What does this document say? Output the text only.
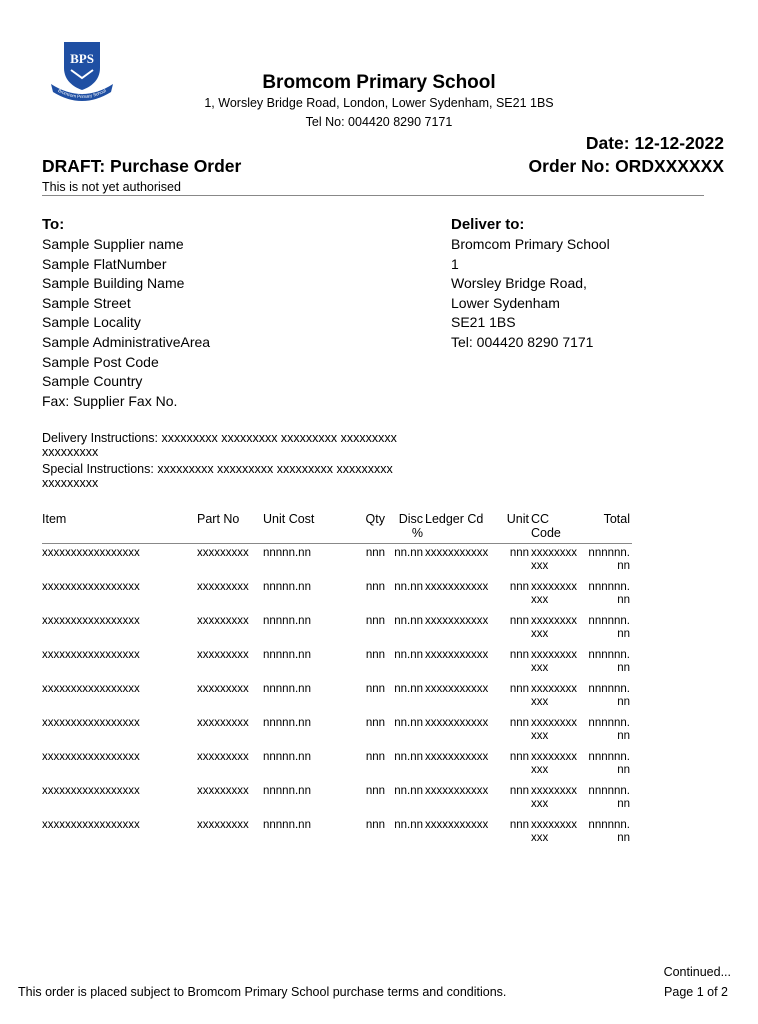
BPS
Bromcom Primary School	Bromcom Primary School
1, Worsley Bridge Road, London, Lower Sydenham, SE21 1BS
Tel No: 004420 8290 7171
Date: 12-12-2022
Order No: ORDXXXXXX
DRAFT: Purchase Order
This is not yet authorised
To:
Sample Supplier name
Sample FlatNumber
Sample Building Name
Sample Street
Sample Locality
Sample AdministrativeArea
Sample Post Code
Sample Country
Fax: Supplier Fax No.
Deliver to:
Bromcom Primary School
1
Worsley Bridge Road,
Lower Sydenham
SE21 1BS
Tel: 004420 8290 7171
Delivery Instructions: xxxxxxxxx xxxxxxxxx xxxxxxxxx xxxxxxxxx xxxxxxxxx
Special Instructions: xxxxxxxxx xxxxxxxxx xxxxxxxxx xxxxxxxxx xxxxxxxxx
Item	Part No	Unit Cost	Qty	Disc %	Ledger Cd	Unit	CC Code	Total
xxxxxxxxxxxxxxxxx	xxxxxxxxx	nnnnn.nn	nnn	nn.nn	xxxxxxxxxxx	nnn	xxxxxxxxxxx	nnnnnn.nn
xxxxxxxxxxxxxxxxx	xxxxxxxxx	nnnnn.nn	nnn	nn.nn	xxxxxxxxxxx	nnn	xxxxxxxxxxx	nnnnnn.nn
xxxxxxxxxxxxxxxxx	xxxxxxxxx	nnnnn.nn	nnn	nn.nn	xxxxxxxxxxx	nnn	xxxxxxxxxxx	nnnnnn.nn
xxxxxxxxxxxxxxxxx	xxxxxxxxx	nnnnn.nn	nnn	nn.nn	xxxxxxxxxxx	nnn	xxxxxxxxxxx	nnnnnn.nn
xxxxxxxxxxxxxxxxx	xxxxxxxxx	nnnnn.nn	nnn	nn.nn	xxxxxxxxxxx	nnn	xxxxxxxxxxx	nnnnnn.nn
xxxxxxxxxxxxxxxxx	xxxxxxxxx	nnnnn.nn	nnn	nn.nn	xxxxxxxxxxx	nnn	xxxxxxxxxxx	nnnnnn.nn
xxxxxxxxxxxxxxxxx	xxxxxxxxx	nnnnn.nn	nnn	nn.nn	xxxxxxxxxxx	nnn	xxxxxxxxxxx	nnnnnn.nn
xxxxxxxxxxxxxxxxx	xxxxxxxxx	nnnnn.nn	nnn	nn.nn	xxxxxxxxxxx	nnn	xxxxxxxxxxx	nnnnnn.nn
xxxxxxxxxxxxxxxxx	xxxxxxxxx	nnnnn.nn	nnn	nn.nn	xxxxxxxxxxx	nnn	xxxxxxxxxxx	nnnnnn.nn
This order is placed subject to Bromcom Primary School purchase terms and conditions.
Continued...
Page 1 of 2
